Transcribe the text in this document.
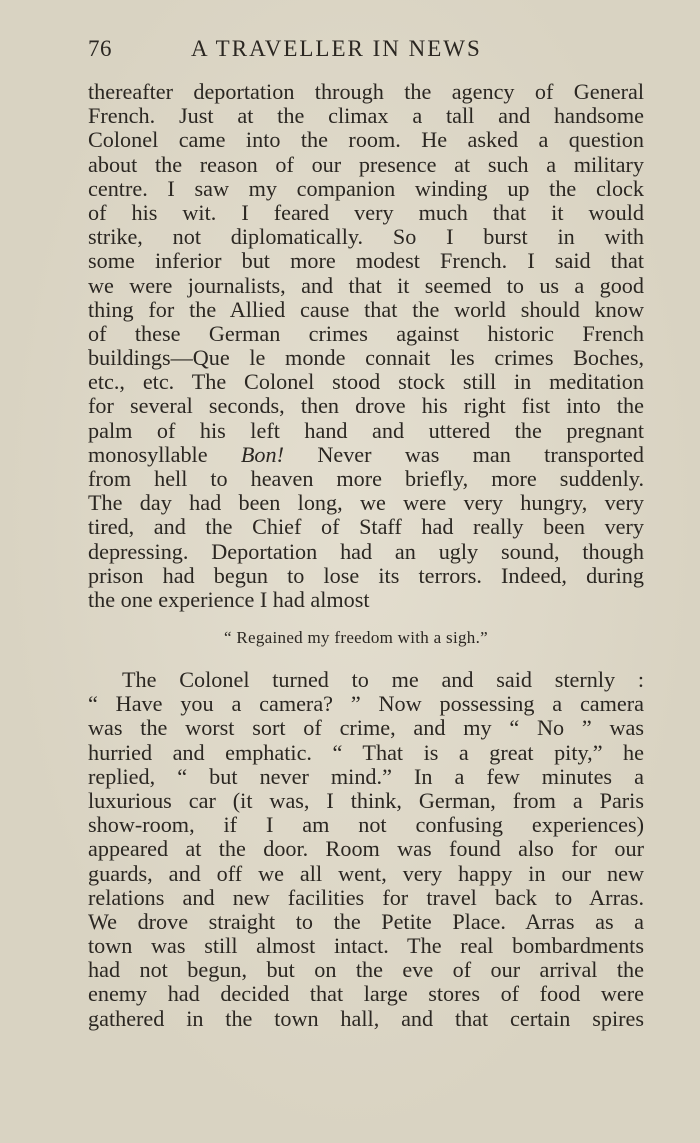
76	A TRAVELLER IN NEWS
thereafter deportation through the agency of General
French. Just at the climax a tall and handsome
Colonel came into the room. He asked a question
about the reason of our presence at such a military
centre. I saw my companion winding up the clock
of his wit. I feared very much that it would
strike, not diplomatically. So I burst in with
some inferior but more modest French. I said that
we were journalists, and that it seemed to us a good
thing for the Allied cause that the world should know
of these German crimes against historic French
buildings—Que le monde connait les crimes Boches,
etc., etc. The Colonel stood stock still in meditation
for several seconds, then drove his right fist into the
palm of his left hand and uttered the pregnant
monosyllable Bon! Never was man transported
from hell to heaven more briefly, more suddenly.
The day had been long, we were very hungry, very
tired, and the Chief of Staff had really been very
depressing. Deportation had an ugly sound, though
prison had begun to lose its terrors. Indeed, during
the one experience I had almost
“ Regained my freedom with a sigh.”
The Colonel turned to me and said sternly :
“ Have you a camera? ” Now possessing a camera
was the worst sort of crime, and my “ No ” was
hurried and emphatic. “ That is a great pity,” he
replied, “ but never mind.” In a few minutes a
luxurious car (it was, I think, German, from a Paris
show-room, if I am not confusing experiences)
appeared at the door. Room was found also for our
guards, and off we all went, very happy in our new
relations and new facilities for travel back to Arras.
We drove straight to the Petite Place. Arras as a
town was still almost intact. The real bombardments
had not begun, but on the eve of our arrival the
enemy had decided that large stores of food were
gathered in the town hall, and that certain spires
